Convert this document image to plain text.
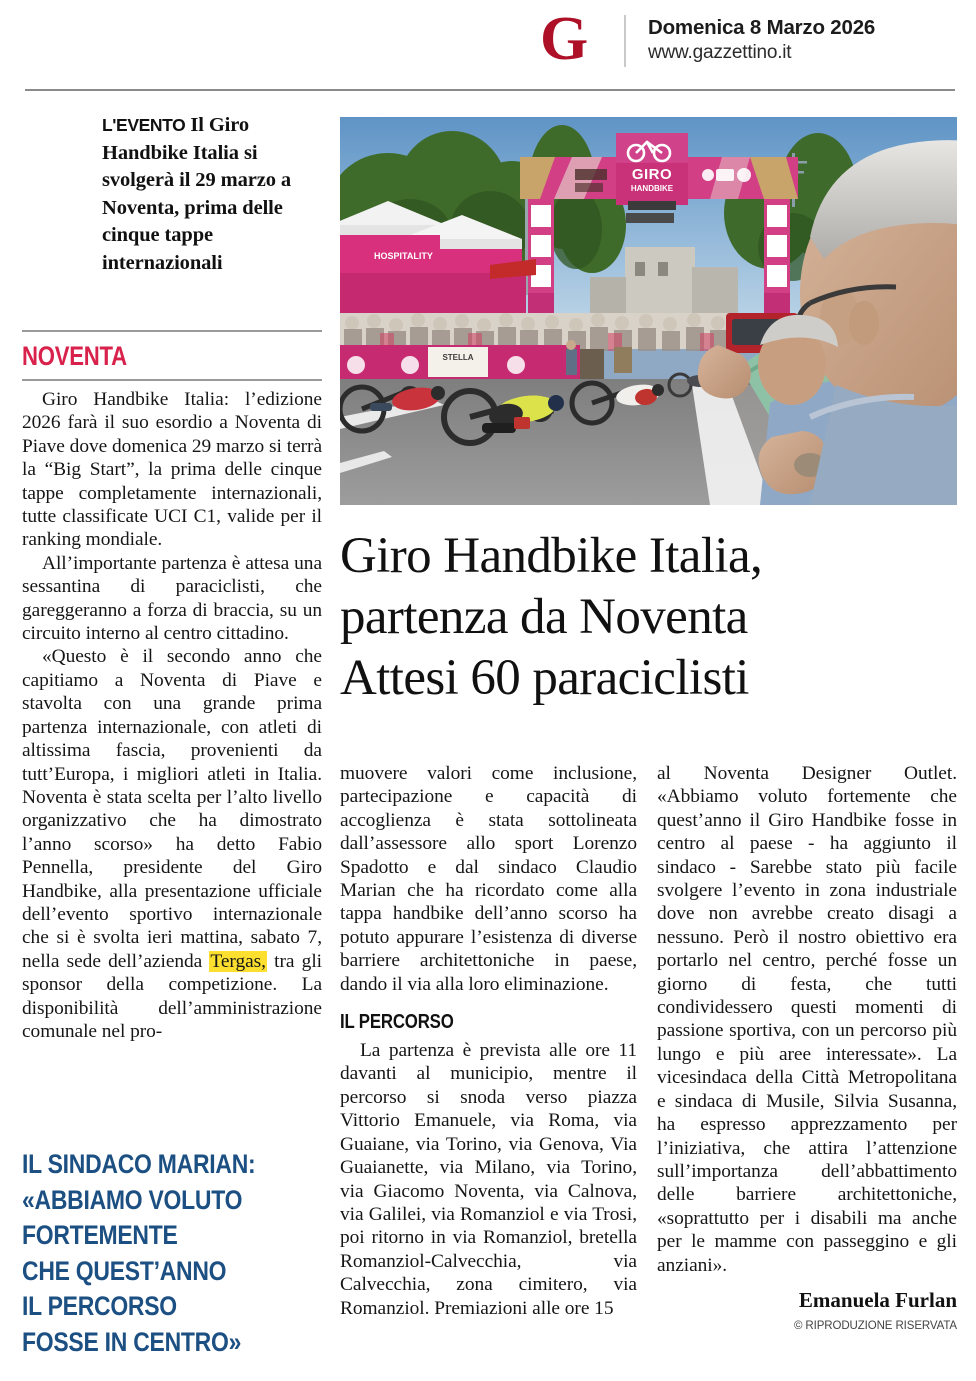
G	Domenica 8 Marzo 2026
www.gazzettino.it
L'EVENTO Il Giro Handbike Italia si svolgerà il 29 marzo a Noventa, prima delle cinque tappe internazionali
NOVENTA

Giro Handbike Italia: l’edizione 2026 farà il suo esordio a Noventa di Piave dove domenica 29 marzo si terrà la “Big Start”, la prima delle cinque tappe completamente internazionali, tutte classificate UCI C1, valide per il ranking mondiale.

All’importante partenza è attesa una sessantina di paraciclisti, che gareggeranno a forza di braccia, su un circuito interno al centro cittadino.

«Questo è il secondo anno che capitiamo a Noventa di Piave e stavolta con una grande prima partenza internazionale, con atleti di altissima fascia, provenienti da tutt’Europa, i migliori atleti in Italia. Noventa è stata scelta per l’alto livello organizzativo che ha dimostrato l’anno scorso» ha detto Fabio Pennella, presidente del Giro Handbike, alla presentazione ufficiale dell’evento sportivo internazionale che si è svolta ieri mattina, sabato 7, nella sede dell’azienda Tergas, tra gli sponsor della competizione. La disponibilità dell’amministrazione comunale nel pro-

IL SINDACO MARIAN:
«ABBIAMO VOLUTO
FORTEMENTE
CHE QUEST’ANNO
IL PERCORSO
FOSSE IN CENTRO»
GIRO
HANDBIKE
HOSPITALITY
STELLA
Giro Handbike Italia,
partenza da Noventa
Attesi 60 paraciclisti

muovere valori come inclusione, partecipazione e capacità di accoglienza è stata sottolineata dall’assessore allo sport Lorenzo Spadotto e dal sindaco Claudio Marian che ha ricordato come alla tappa handbike dell’anno scorso ha potuto appurare l’esistenza di diverse barriere architettoniche in paese, dando il via alla loro eliminazione.

IL PERCORSO

La partenza è prevista alle ore 11 davanti al municipio, mentre il percorso si snoda verso piazza Vittorio Emanuele, via Roma, via Guaiane, via Torino, via Genova, Via Guaianette, via Milano, via Torino, via Giacomo Noventa, via Calnova, via Galilei, via Romanziol e via Trosi, poi ritorno in via Romanziol, bretella Romanziol-Calvecchia, via Calvecchia, zona cimitero, via Romanziol. Premiazioni alle ore 15

al Noventa Designer Outlet. «Abbiamo voluto fortemente che quest’anno il Giro Handbike fosse in centro al paese - ha aggiunto il sindaco - Sarebbe stato più facile svolgere l’evento in zona industriale dove non avrebbe creato disagi a nessuno. Però il nostro obiettivo era portarlo nel centro, perché fosse un giorno di festa, che tutti condividessero questi momenti di passione sportiva, con un percorso più lungo e più aree interessate». La vicesindaca della Città Metropolitana e sindaca di Musile, Silvia Susanna, ha espresso apprezzamento per l’iniziativa, che attira l’attenzione sull’importanza dell’abbattimento delle barriere architettoniche, «soprattutto per i disabili ma anche per le mamme con passeggino e gli anziani».

Emanuela Furlan
© RIPRODUZIONE RISERVATA
